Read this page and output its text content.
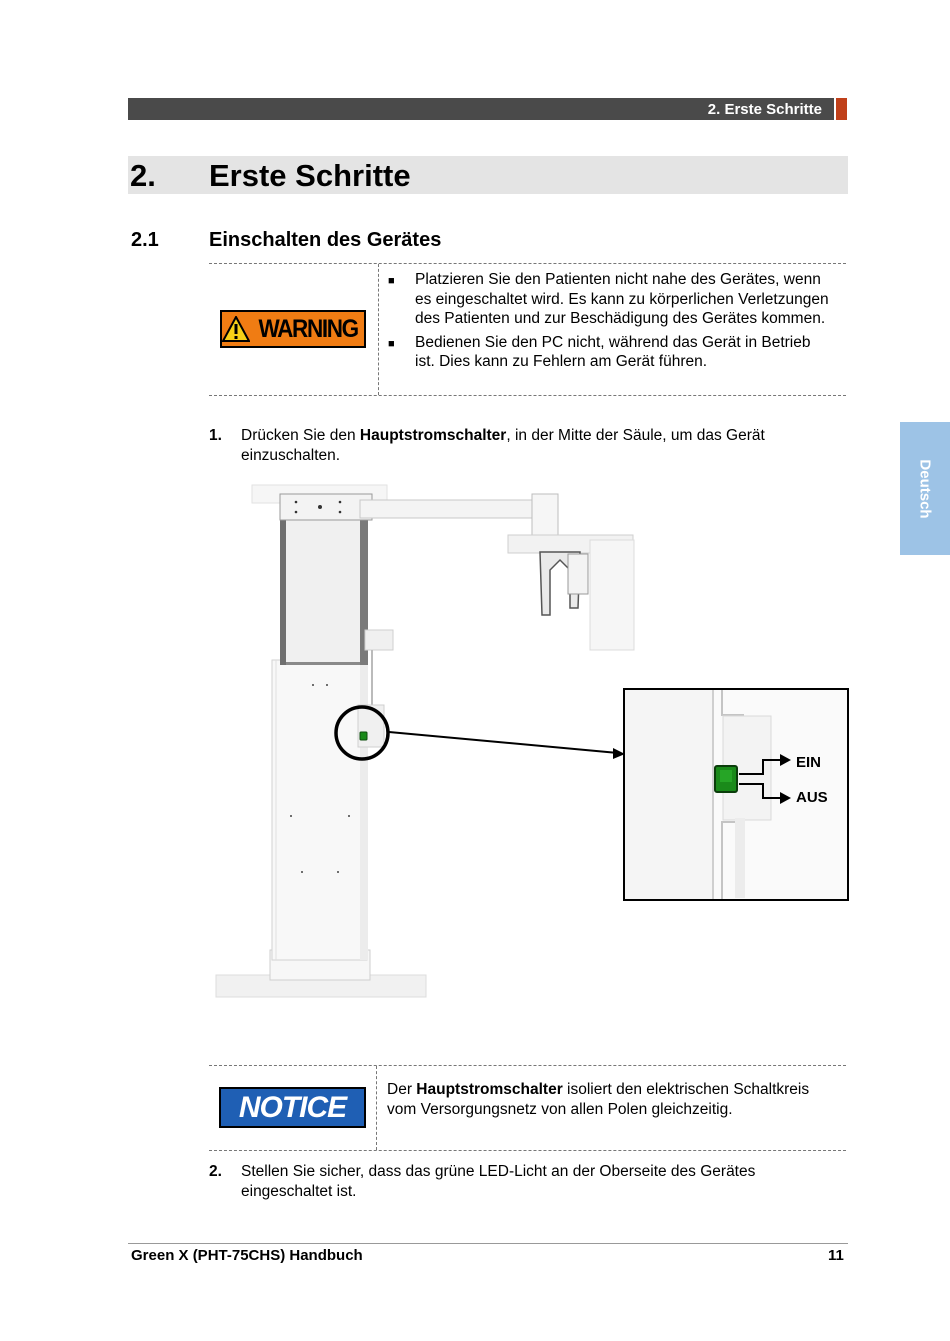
2. Erste Schritte
2. Erste Schritte
2.1	Einschalten des Gerätes
WARNING
■	Platzieren Sie den Patienten nicht nahe des Gerätes, wenn es eingeschaltet wird. Es kann zu körperlichen Verletzungen des Patienten und zur Beschädigung des Gerätes kommen.
■	Bedienen Sie den PC nicht, während das Gerät in Betrieb ist. Dies kann zu Fehlern am Gerät führen.
1.	Drücken Sie den Hauptstromschalter, in der Mitte der Säule, um das Gerät einzuschalten.
EIN
AUS
NOTICE
Der Hauptstromschalter isoliert den elektrischen Schaltkreis vom Versorgungsnetz von allen Polen gleichzeitig.
2.	Stellen Sie sicher, dass das grüne LED-Licht an der Oberseite des Gerätes eingeschaltet ist.
Deutsch
Green X (PHT-75CHS) Handbuch	11
